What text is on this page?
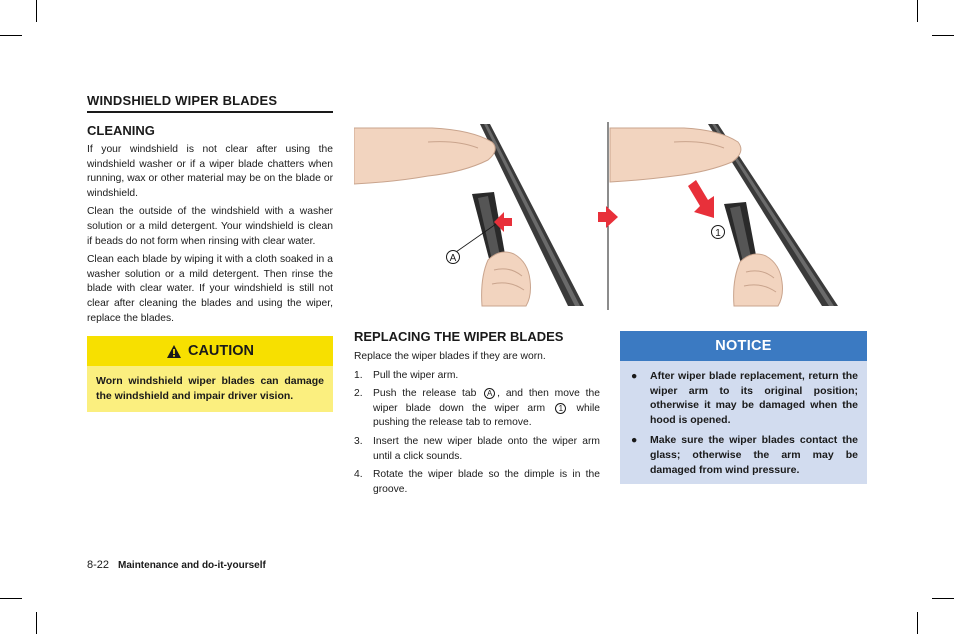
WINDSHIELD WIPER BLADES
CLEANING

If your windshield is not clear after using the windshield washer or if a wiper blade chatters when running, wax or other material may be on the blade or windshield.

Clean the outside of the windshield with a washer solution or a mild detergent. Your windshield is clean if beads do not form when rinsing with clear water.

Clean each blade by wiping it with a cloth soaked in a washer solution or a mild detergent. Then rinse the blade with clear water. If your windshield is still not clear after cleaning the blades and using the wiper, replace the blades.

CAUTION
Worn windshield wiper blades can damage the windshield and impair driver vision.
A
1
REPLACING THE WIPER BLADES

Replace the wiper blades if they are worn.

1.	Pull the wiper arm.
2.	Push the release tab A , and then move the wiper blade down the wiper arm 1 while pushing the release tab to remove.
3.	Insert the new wiper blade onto the wiper arm until a click sounds.
4.	Rotate the wiper blade so the dimple is in the groove.
NOTICE
●	After wiper blade replacement, return the wiper arm to its original position; otherwise it may be damaged when the hood is opened.
●	Make sure the wiper blades contact the glass; otherwise the arm may be damaged from wind pressure.
8-22 Maintenance and do-it-yourself
